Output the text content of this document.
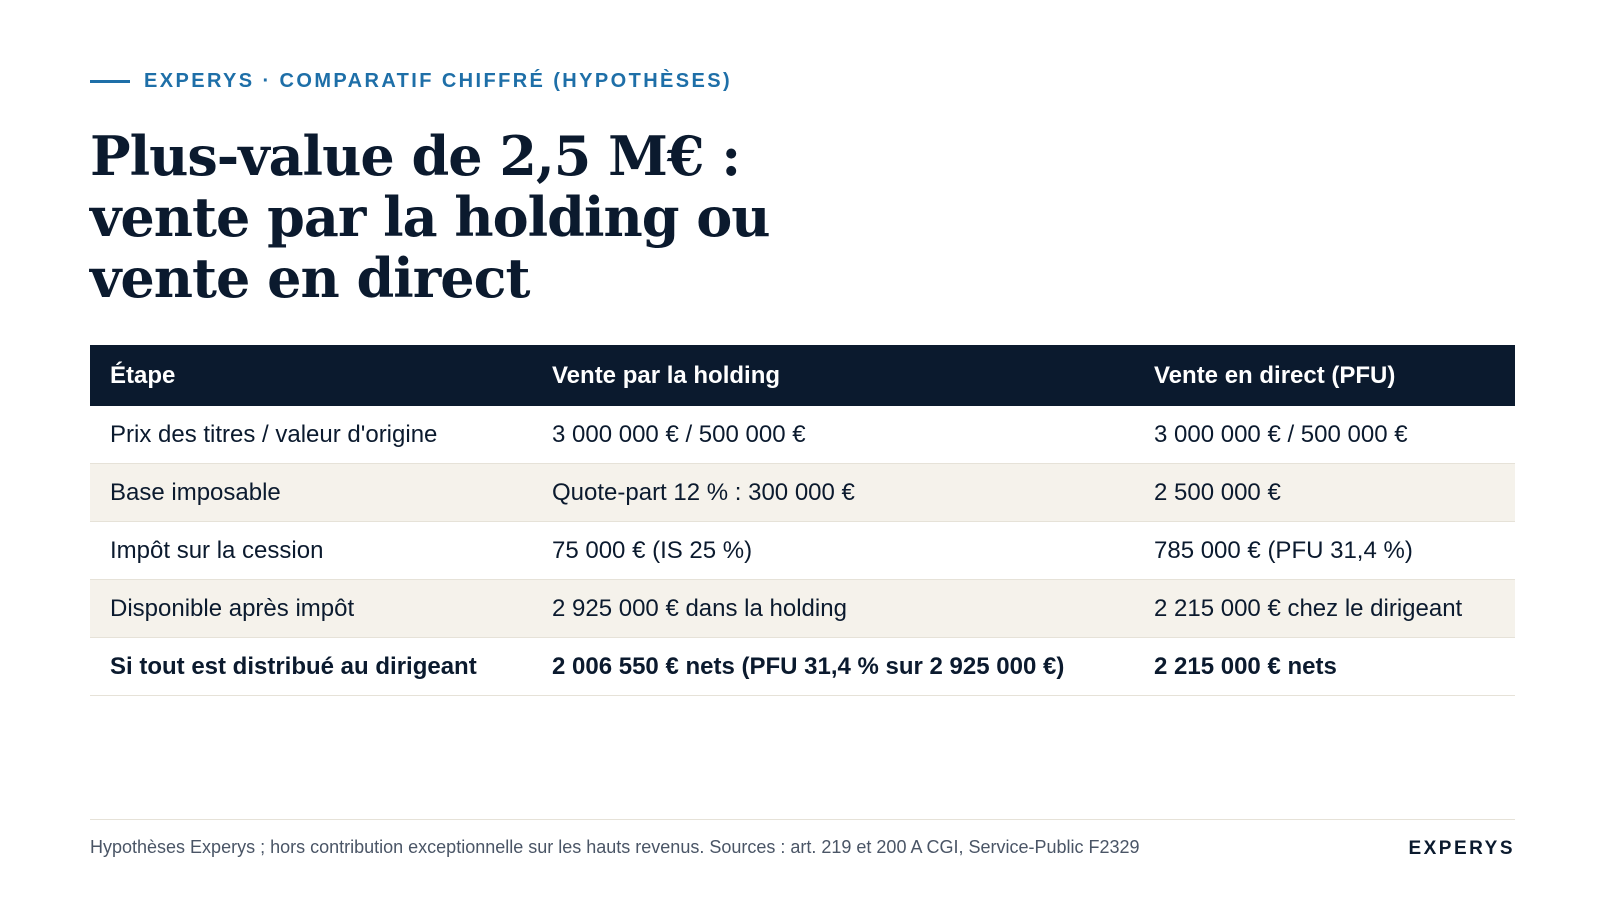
EXPERYS · COMPARATIF CHIFFRÉ (HYPOTHÈSES)
Plus-value de 2,5 M€ : vente par la holding ou vente en direct
Étape	Vente par la holding	Vente en direct (PFU)
Prix des titres / valeur d'origine	3 000 000 € / 500 000 €	3 000 000 € / 500 000 €
Base imposable	Quote-part 12 % : 300 000 €	2 500 000 €
Impôt sur la cession	75 000 € (IS 25 %)	785 000 € (PFU 31,4 %)
Disponible après impôt	2 925 000 € dans la holding	2 215 000 € chez le dirigeant
Si tout est distribué au dirigeant	2 006 550 € nets (PFU 31,4 % sur 2 925 000 €)	2 215 000 € nets
Hypothèses Experys ; hors contribution exceptionnelle sur les hauts revenus. Sources : art. 219 et 200 A CGI, Service-Public F2329	EXPERYS
